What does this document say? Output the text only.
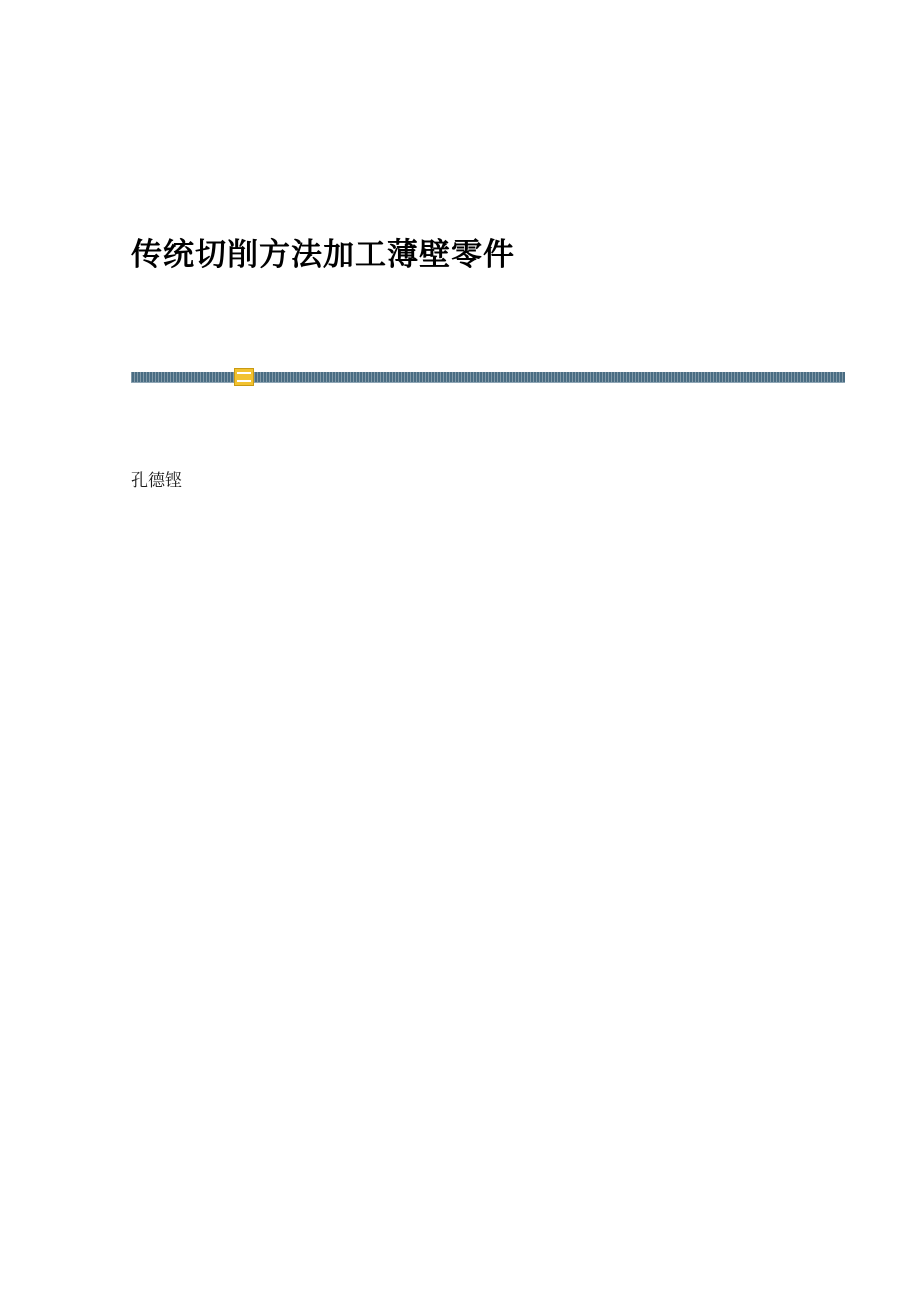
传统切削方法加工薄壁零件
孔德铿
